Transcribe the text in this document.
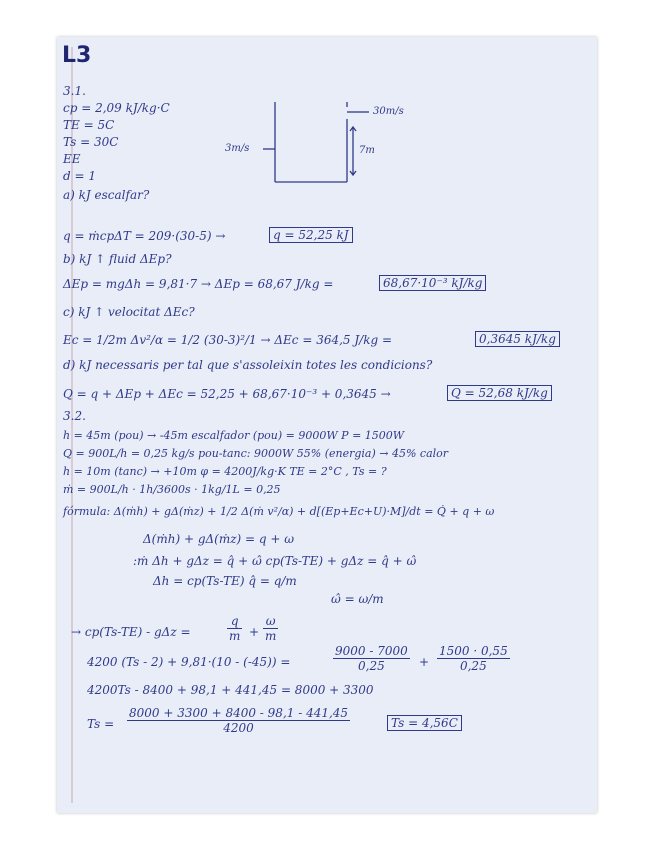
L3
3.1.
cp = 2,09 kJ/kg·C
TE = 5C
Ts = 30C
EE
d = 1
30m/s
3m/s	7m
a) kJ escalfar?
q = ṁcpΔT = 209·(30-5) →	q = 52,25 kJ
b) kJ ↑ fluid ΔEp?
ΔEp = mgΔh = 9,81·7 → ΔEp = 68,67 J/kg =	68,67·10⁻³ kJ/kg
c) kJ ↑ velocitat ΔEc?
Ec = 1/2m Δv²/α = 1/2 (30-3)²/1 → ΔEc = 364,5 J/kg =	0,3645 kJ/kg
d) kJ necessaris per tal que s'assoleixin totes les condicions?
Q = q + ΔEp + ΔEc = 52,25 + 68,67·10⁻³ + 0,3645 →	Q = 52,68 kJ/kg
3.2.
h = 45m (pou) → -45m escalfador (pou) = 9000W P = 1500W
Q = 900L/h = 0,25 kg/s pou-tanc: 9000W 55% (energia) → 45% calor
h = 10m (tanc) → +10m φ = 4200J/kg·K TE = 2°C , Ts = ?
ṁ = 900L/h · 1h/3600s · 1kg/1L = 0,25
fórmula: Δ(ṁh) + gΔ(ṁz) + 1/2 Δ(ṁ v²/α) + d[(Ep+Ec+U)·M]/dt = Q̇ + q + ω
Δ(ṁh) + gΔ(ṁz) = q + ω
:ṁ Δh + gΔz = q̂ + ω̂ cp(Ts-TE) + gΔz = q̂ + ω̂
Δh = cp(Ts-TE) q̂ = q/m
ω̂ = ω/m
→ cp(Ts-TE) - gΔz =	$\frac{q}{m} + \frac{\omega}{m}$
4200 (Ts - 2) + 9,81·(10 - (-45)) =	$\frac{9000 - 7000}{0,25} + \frac{1500 \cdot 0,55}{0,25}$
4200Ts - 8400 + 98,1 + 441,45 = 8000 + 3300
$Ts = \frac{8000 + 3300 + 8400 - 98,1 - 441,45}{4200}$	Ts = 4,56C
